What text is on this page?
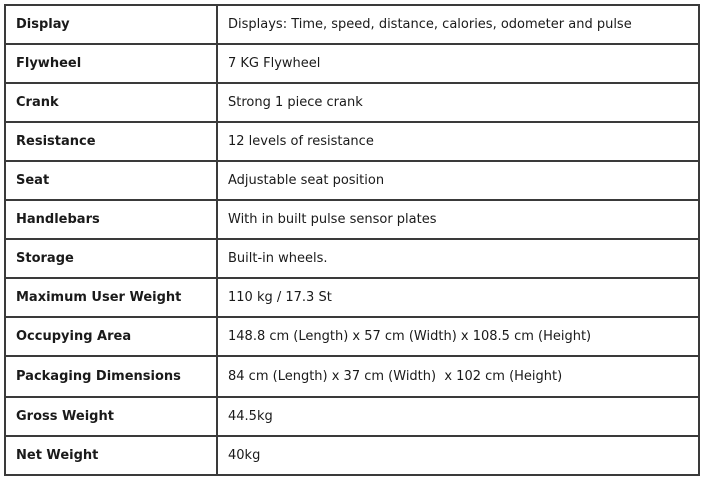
Display	Displays: Time, speed, distance, calories, odometer and pulse
Flywheel	7 KG Flywheel
Crank	Strong 1 piece crank
Resistance	12 levels of resistance
Seat	Adjustable seat position
Handlebars	With in built pulse sensor plates
Storage	Built-in wheels.
Maximum User Weight	110 kg / 17.3 St
Occupying Area	148.8 cm (Length) x 57 cm (Width) x 108.5 cm (Height)
Packaging Dimensions	84 cm (Length) x 37 cm (Width)  x 102 cm (Height)
Gross Weight	44.5kg
Net Weight	40kg
